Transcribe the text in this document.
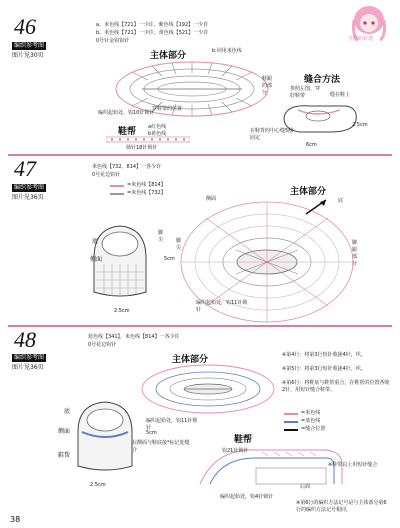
全能钩针谱
46
编织参考图
图片见30页
a、米色线【721】一少许、紫色线【192】一少许
b、米色线【721】一少许、黄色线【521】一少许
0号针金钩钩针
主体部分	b.同用米色线
穿鞋带的位置
编织起始处，钩10针锁针
鞋帮 a红色线
b黄色线
锁针18针锁针
缝合方法
参照左图，穿好鞋带	缝在鞋上
2.5cm
在鞋背的中心缝5圈固定
6cm
鞋跟的部分
47
编织参考图
图片见36页
米色线【732、814】一各少许
0号花边钩针
=米色线【814】
=米色线【732】	主体部分
底
侧面	5cm
2.5cm
脚尖
侧面	底
脚尖
脚跟部分
编织起始处，钩11针锁针
48
编织参考图
图片见36页
蓝色线【341】、米色线【814】一各少许
0号花边钩针
主体部分
编织起始处，钩11针锁针
在侧面与鞋底接*标记处缝合
底
侧面
鞋帮
5cm
2.5cm
鞋帮
钩21针锁针
后面
编织起始处，钩4针锁针
=米色线
=蓝色线
=缝合位置
※第4行：将第3行短针收拢4针，织。
※第5行：将第3行短针收拢4针，织。
※第6行：将鞋底与鞋帮重合，在鞋帮的位置各收2针，用短针缝合鞋带。
※鞋带以上用短针缝合
※第6行的编织方法记号是与主体部分第6行的编织方法记号相同。
38
